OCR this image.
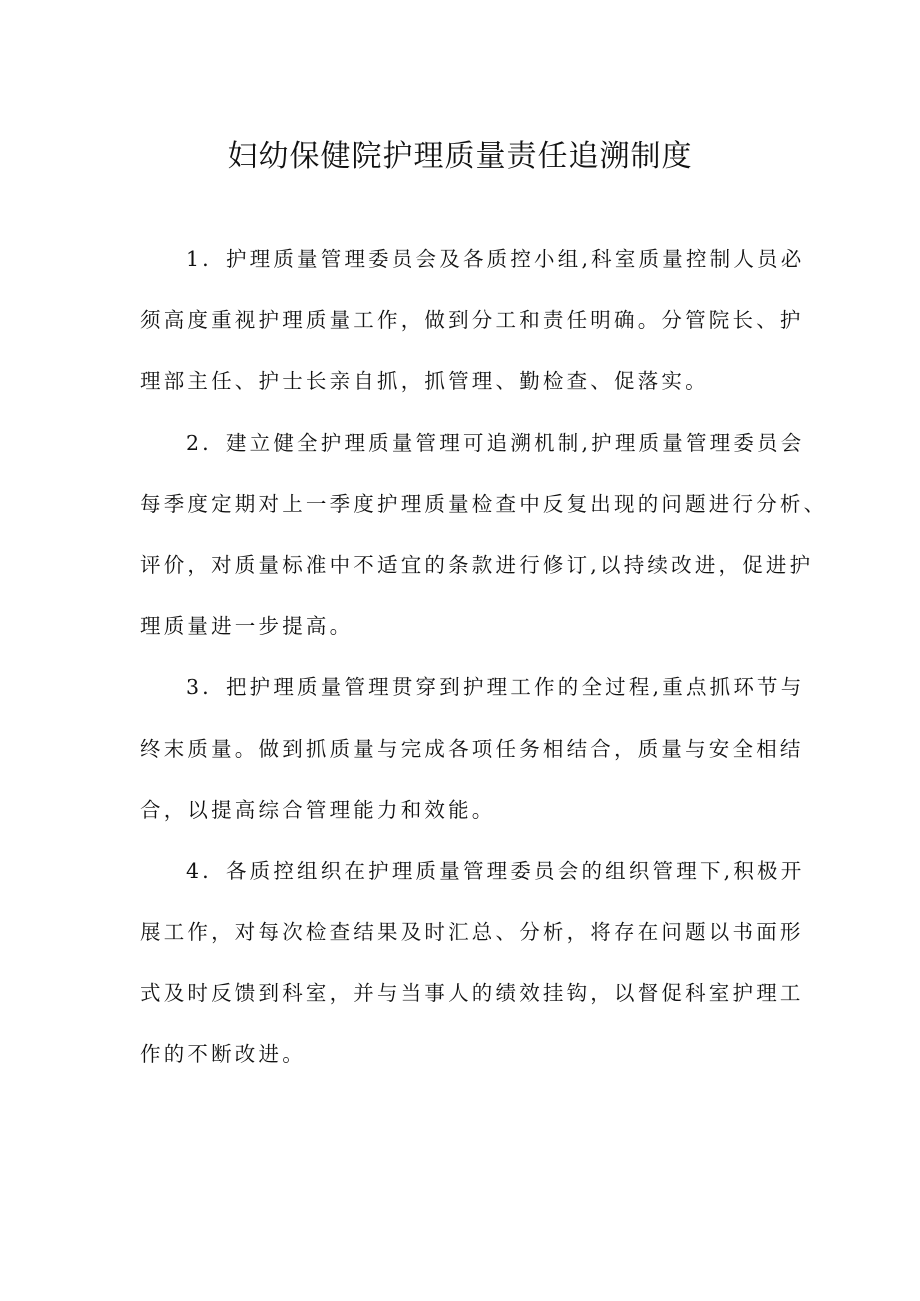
妇幼保健院护理质量责任追溯制度
1．护理质量管理委员会及各质控小组,科室质量控制人员必
须高度重视护理质量工作，做到分工和责任明确。分管院长、护
理部主任、护士长亲自抓，抓管理、勤检查、促落实。
2．建立健全护理质量管理可追溯机制,护理质量管理委员会
每季度定期对上一季度护理质量检查中反复出现的问题进行分析、
评价，对质量标准中不适宜的条款进行修订,以持续改进，促进护
理质量进一步提高。
3．把护理质量管理贯穿到护理工作的全过程,重点抓环节与
终末质量。做到抓质量与完成各项任务相结合，质量与安全相结
合，以提高综合管理能力和效能。
4．各质控组织在护理质量管理委员会的组织管理下,积极开
展工作，对每次检查结果及时汇总、分析，将存在问题以书面形
式及时反馈到科室，并与当事人的绩效挂钩，以督促科室护理工
作的不断改进。
